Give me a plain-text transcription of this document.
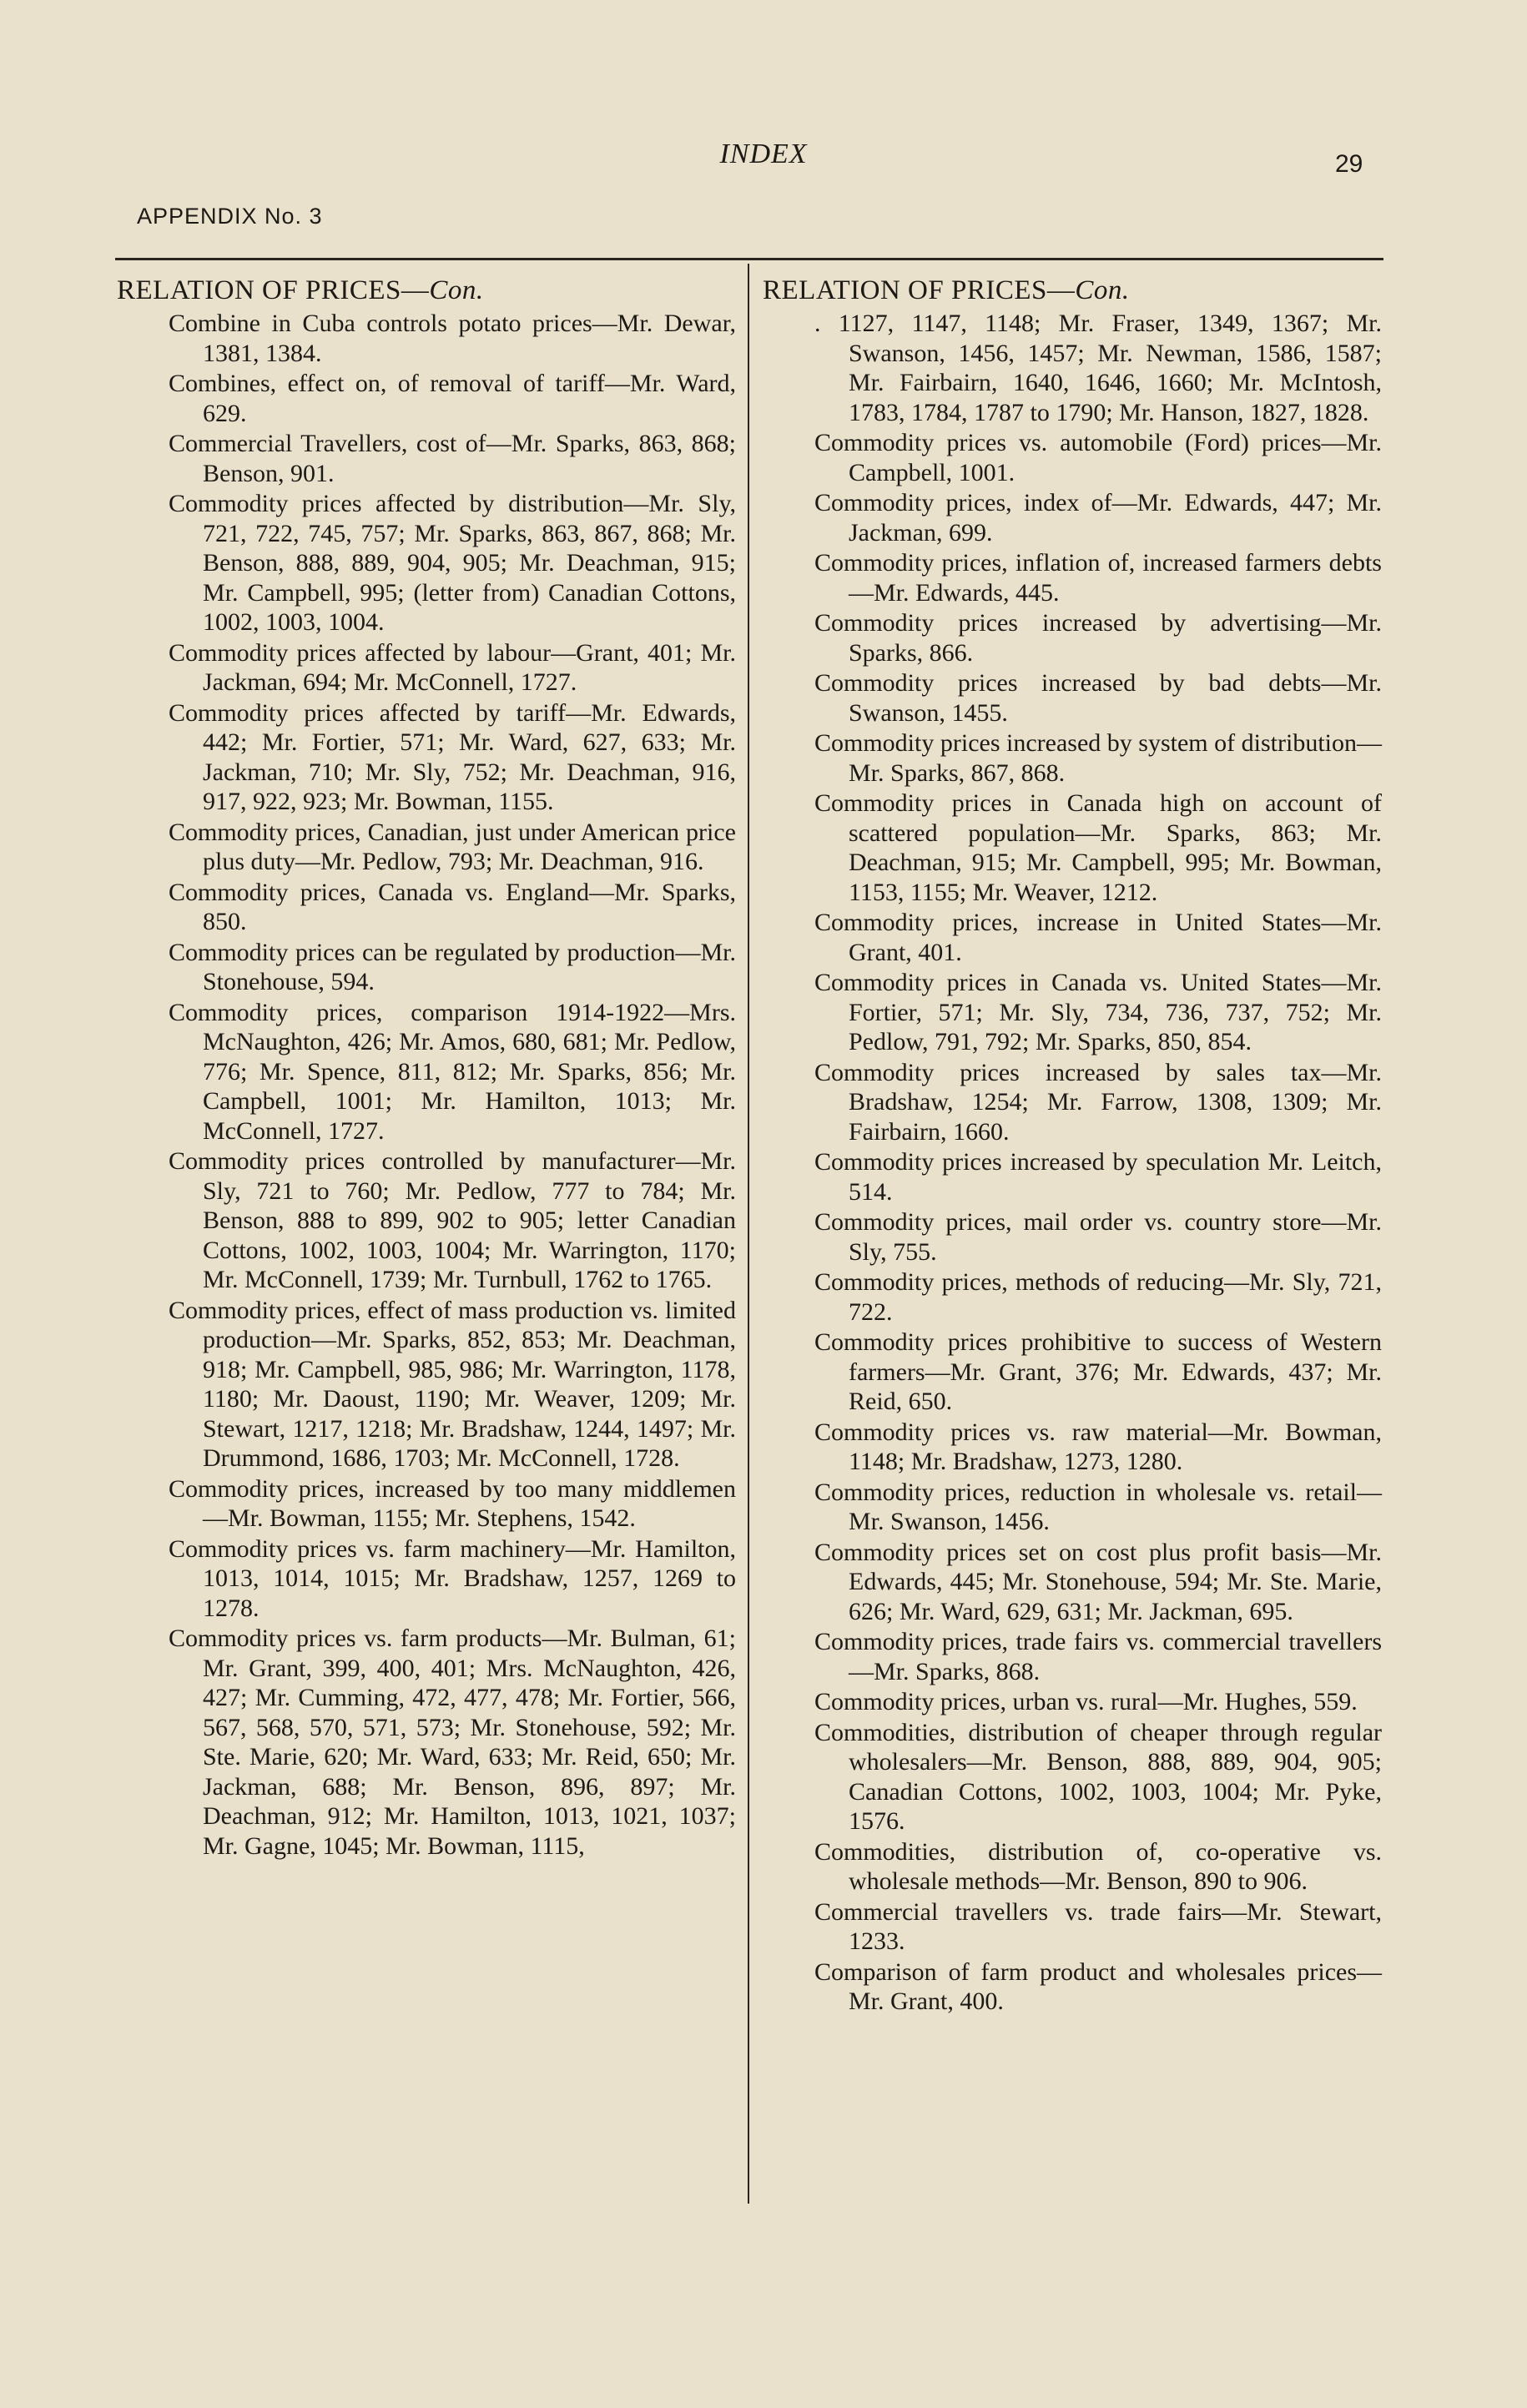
INDEX	29
APPENDIX No. 3
RELATION OF PRICES—Con.
Combine in Cuba controls potato prices—Mr. Dewar, 1381, 1384.
Combines, effect on, of removal of tariff—Mr. Ward, 629.
Commercial Travellers, cost of—Mr. Sparks, 863, 868; Benson, 901.
Commodity prices affected by distribution—Mr. Sly, 721, 722, 745, 757; Mr. Sparks, 863, 867, 868; Mr. Benson, 888, 889, 904, 905; Mr. Deachman, 915; Mr. Campbell, 995; (letter from) Canadian Cottons, 1002, 1003, 1004.
Commodity prices affected by labour—Grant, 401; Mr. Jackman, 694; Mr. McConnell, 1727.
Commodity prices affected by tariff—Mr. Edwards, 442; Mr. Fortier, 571; Mr. Ward, 627, 633; Mr. Jackman, 710; Mr. Sly, 752; Mr. Deachman, 916, 917, 922, 923; Mr. Bowman, 1155.
Commodity prices, Canadian, just under American price plus duty—Mr. Pedlow, 793; Mr. Deachman, 916.
Commodity prices, Canada vs. England—Mr. Sparks, 850.
Commodity prices can be regulated by production—Mr. Stonehouse, 594.
Commodity prices, comparison 1914-1922—Mrs. McNaughton, 426; Mr. Amos, 680, 681; Mr. Pedlow, 776; Mr. Spence, 811, 812; Mr. Sparks, 856; Mr. Campbell, 1001; Mr. Hamilton, 1013; Mr. McConnell, 1727.
Commodity prices controlled by manufacturer—Mr. Sly, 721 to 760; Mr. Pedlow, 777 to 784; Mr. Benson, 888 to 899, 902 to 905; letter Canadian Cottons, 1002, 1003, 1004; Mr. Warrington, 1170; Mr. McConnell, 1739; Mr. Turnbull, 1762 to 1765.
Commodity prices, effect of mass production vs. limited production—Mr. Sparks, 852, 853; Mr. Deachman, 918; Mr. Campbell, 985, 986; Mr. Warrington, 1178, 1180; Mr. Daoust, 1190; Mr. Weaver, 1209; Mr. Stewart, 1217, 1218; Mr. Bradshaw, 1244, 1497; Mr. Drummond, 1686, 1703; Mr. McConnell, 1728.
Commodity prices, increased by too many middlemen—Mr. Bowman, 1155; Mr. Stephens, 1542.
Commodity prices vs. farm machinery—Mr. Hamilton, 1013, 1014, 1015; Mr. Bradshaw, 1257, 1269 to 1278.
Commodity prices vs. farm products—Mr. Bulman, 61; Mr. Grant, 399, 400, 401; Mrs. McNaughton, 426, 427; Mr. Cumming, 472, 477, 478; Mr. Fortier, 566, 567, 568, 570, 571, 573; Mr. Stonehouse, 592; Mr. Ste. Marie, 620; Mr. Ward, 633; Mr. Reid, 650; Mr. Jackman, 688; Mr. Benson, 896, 897; Mr. Deachman, 912; Mr. Hamilton, 1013, 1021, 1037; Mr. Gagne, 1045; Mr. Bowman, 1115,
RELATION OF PRICES—Con.
. 1127, 1147, 1148; Mr. Fraser, 1349, 1367; Mr. Swanson, 1456, 1457; Mr. Newman, 1586, 1587; Mr. Fairbairn, 1640, 1646, 1660; Mr. McIntosh, 1783, 1784, 1787 to 1790; Mr. Hanson, 1827, 1828.
Commodity prices vs. automobile (Ford) prices—Mr. Campbell, 1001.
Commodity prices, index of—Mr. Edwards, 447; Mr. Jackman, 699.
Commodity prices, inflation of, increased farmers debts—Mr. Edwards, 445.
Commodity prices increased by advertising—Mr. Sparks, 866.
Commodity prices increased by bad debts—Mr. Swanson, 1455.
Commodity prices increased by system of distribution—Mr. Sparks, 867, 868.
Commodity prices in Canada high on account of scattered population—Mr. Sparks, 863; Mr. Deachman, 915; Mr. Campbell, 995; Mr. Bowman, 1153, 1155; Mr. Weaver, 1212.
Commodity prices, increase in United States—Mr. Grant, 401.
Commodity prices in Canada vs. United States—Mr. Fortier, 571; Mr. Sly, 734, 736, 737, 752; Mr. Pedlow, 791, 792; Mr. Sparks, 850, 854.
Commodity prices increased by sales tax—Mr. Bradshaw, 1254; Mr. Farrow, 1308, 1309; Mr. Fairbairn, 1660.
Commodity prices increased by speculation Mr. Leitch, 514.
Commodity prices, mail order vs. country store—Mr. Sly, 755.
Commodity prices, methods of reducing—Mr. Sly, 721, 722.
Commodity prices prohibitive to success of Western farmers—Mr. Grant, 376; Mr. Edwards, 437; Mr. Reid, 650.
Commodity prices vs. raw material—Mr. Bowman, 1148; Mr. Bradshaw, 1273, 1280.
Commodity prices, reduction in wholesale vs. retail—Mr. Swanson, 1456.
Commodity prices set on cost plus profit basis—Mr. Edwards, 445; Mr. Stonehouse, 594; Mr. Ste. Marie, 626; Mr. Ward, 629, 631; Mr. Jackman, 695.
Commodity prices, trade fairs vs. commercial travellers—Mr. Sparks, 868.
Commodity prices, urban vs. rural—Mr. Hughes, 559.
Commodities, distribution of cheaper through regular wholesalers—Mr. Benson, 888, 889, 904, 905; Canadian Cottons, 1002, 1003, 1004; Mr. Pyke, 1576.
Commodities, distribution of, co-operative vs. wholesale methods—Mr. Benson, 890 to 906.
Commercial travellers vs. trade fairs—Mr. Stewart, 1233.
Comparison of farm product and wholesales prices—Mr. Grant, 400.
